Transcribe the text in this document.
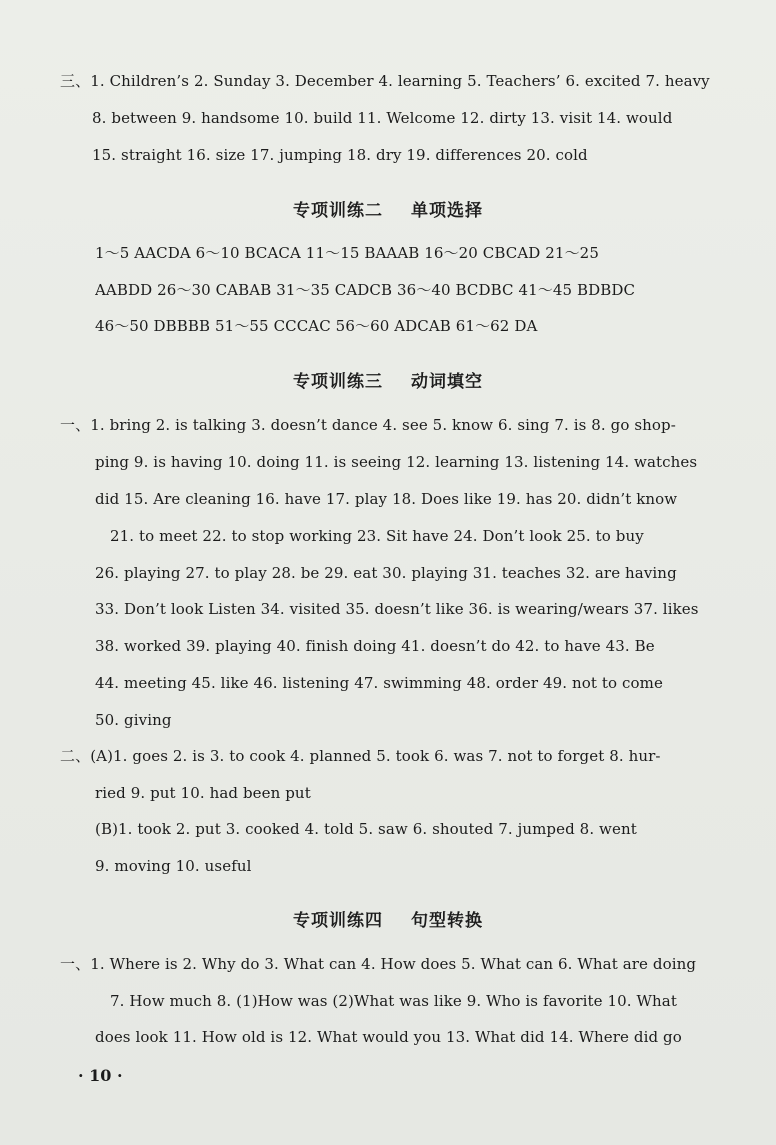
三、1. Children’s 2. Sunday 3. December 4. learning 5. Teachers’ 6. excited 7. heavy
8. between 9. handsome 10. build 11. Welcome 12. dirty 13. visit 14. would
15. straight 16. size 17. jumping 18. dry 19. differences 20. cold
专项训练二 单项选择
1～5 AACDA 6～10 BCACA 11～15 BAAAB 16～20 CBCAD 21～25
AABDD 26～30 CABAB 31～35 CADCB 36～40 BCDBC 41～45 BDBDC
46～50 DBBBB 51～55 CCCAC 56～60 ADCAB 61～62 DA
专项训练三 动词填空
一、1. bring 2. is talking 3. doesn’t dance 4. see 5. know 6. sing 7. is 8. go shop-
ping 9. is having 10. doing 11. is seeing 12. learning 13. listening 14. watches
did 15. Are cleaning 16. have 17. play 18. Does like 19. has 20. didn’t know
21. to meet 22. to stop working 23. Sit have 24. Don’t look 25. to buy
26. playing 27. to play 28. be 29. eat 30. playing 31. teaches 32. are having
33. Don’t look Listen 34. visited 35. doesn’t like 36. is wearing/wears 37. likes
38. worked 39. playing 40. finish doing 41. doesn’t do 42. to have 43. Be
44. meeting 45. like 46. listening 47. swimming 48. order 49. not to come
50. giving
二、(A)1. goes 2. is 3. to cook 4. planned 5. took 6. was 7. not to forget 8. hur-
ried 9. put 10. had been put
(B)1. took 2. put 3. cooked 4. told 5. saw 6. shouted 7. jumped 8. went
9. moving 10. useful
专项训练四 句型转换
一、1. Where is 2. Why do 3. What can 4. How does 5. What can 6. What are doing
7. How much 8. (1)How was (2)What was like 9. Who is favorite 10. What
does look 11. How old is 12. What would you 13. What did 14. Where did go
· 10 ·
